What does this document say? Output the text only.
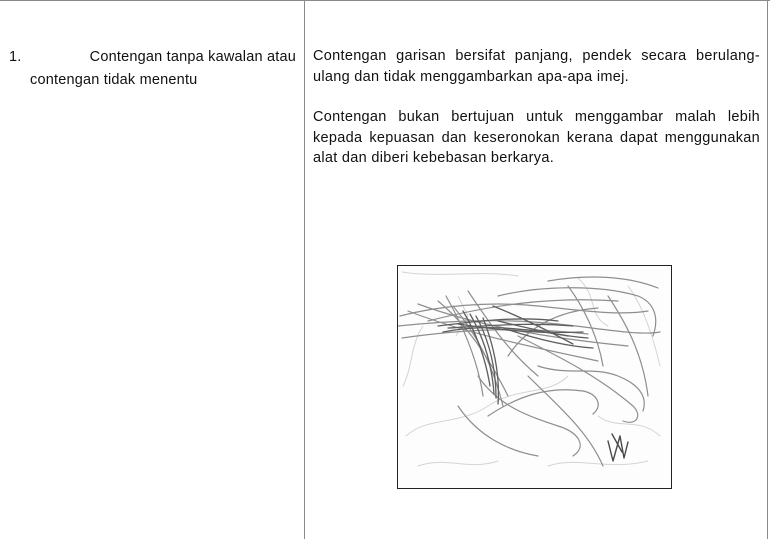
1.	Contengan tanpa kawalan atau
contengan tidak menentu

Contengan garisan bersifat panjang, pendek secara berulang-ulang dan tidak menggambarkan apa-apa imej.

Contengan bukan bertujuan untuk menggambar malah lebih kepada kepuasan dan keseronokan kerana dapat menggunakan alat dan diberi kebebasan berkarya.
